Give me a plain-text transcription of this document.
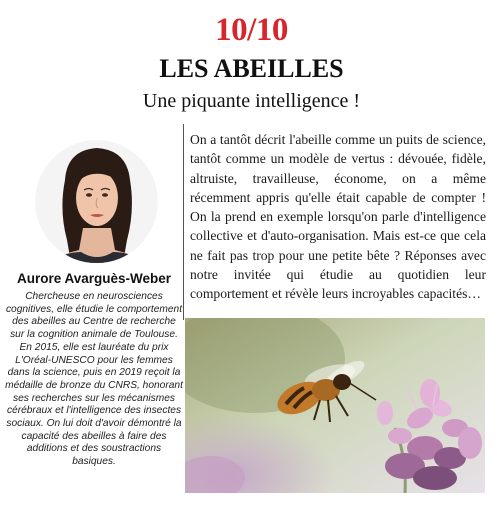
10/10
LES ABEILLES
Une piquante intelligence !
Aurore Avarguès-Weber
Chercheuse en neurosciences cognitives, elle étudie le comportement des abeilles au Centre de recherche sur la cognition animale de Toulouse. En 2015, elle est lauréate du prix L'Oréal-UNESCO pour les femmes dans la science, puis en 2019 reçoit la médaille de bronze du CNRS, honorant ses recherches sur les mécanismes cérébraux et l'intelligence des insectes sociaux. On lui doit d'avoir démontré la capacité des abeilles à faire des additions et des soustractions basiques.
On a tantôt décrit l'abeille comme un puits de science, tantôt comme un modèle de vertus : dévouée, fidèle, altruiste, travailleuse, économe, on a même récemment appris qu'elle était capable de compter ! On la prend en exemple lorsqu'on parle d'intelligence collective et d'auto-organisation. Mais est-ce que cela ne fait pas trop pour une petite bête ? Réponses avec notre invitée qui étudie au quotidien leur comportement et révèle leurs incroyables capacités…
